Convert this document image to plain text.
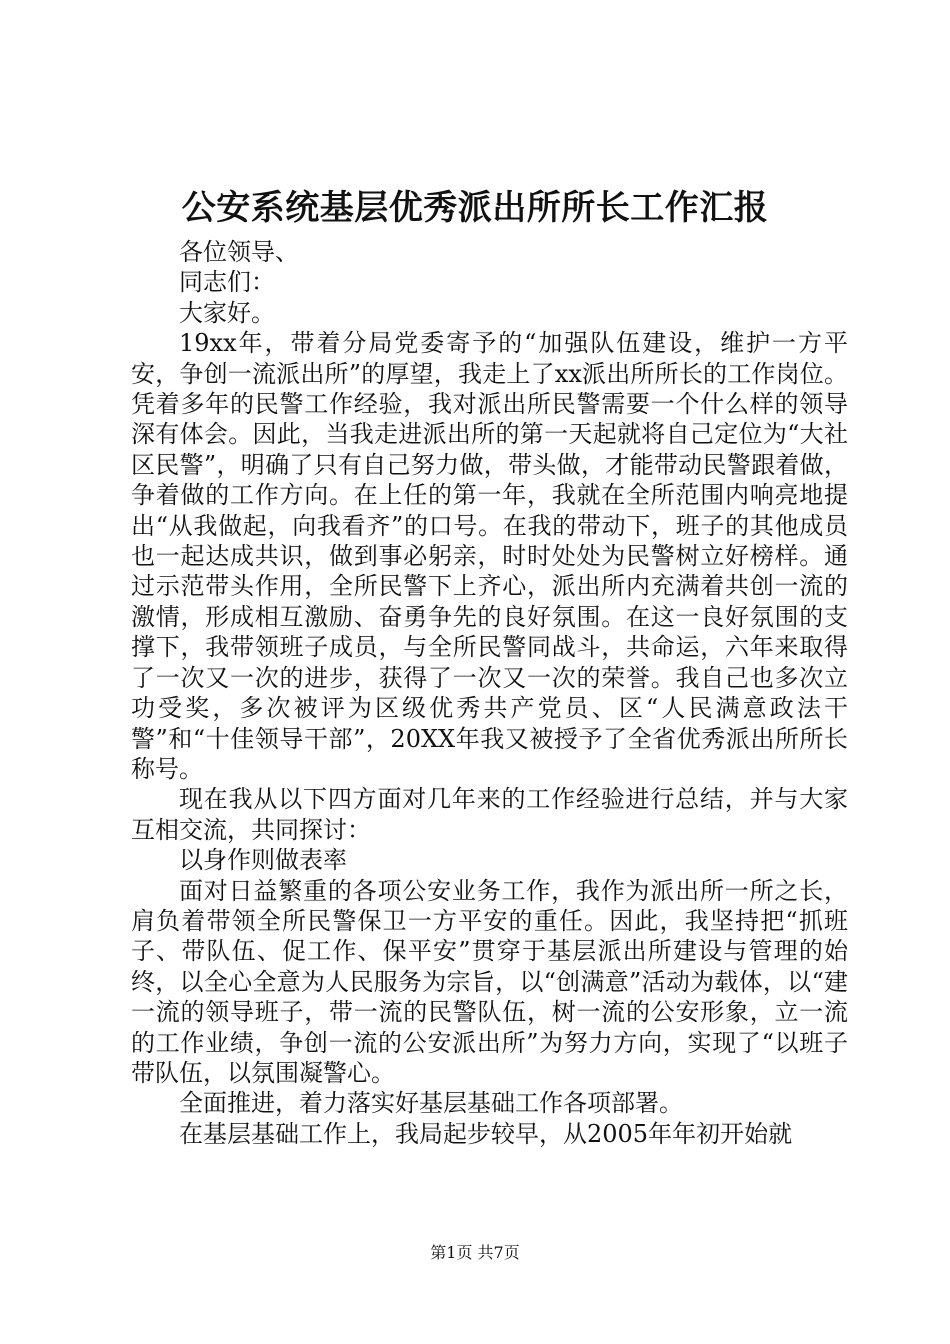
公安系统基层优秀派出所所长工作汇报

各位领导、

同志们：

大家好。

19xx年，带着分局党委寄予的“加强队伍建设，维护一方平安，争创一流派出所”的厚望，我走上了xx派出所所长的工作岗位。凭着多年的民警工作经验，我对派出所民警需要一个什么样的领导深有体会。因此，当我走进派出所的第一天起就将自己定位为“大社区民警”，明确了只有自己努力做，带头做，才能带动民警跟着做，争着做的工作方向。在上任的第一年，我就在全所范围内响亮地提出“从我做起，向我看齐”的口号。在我的带动下，班子的其他成员也一起达成共识，做到事必躬亲，时时处处为民警树立好榜样。通过示范带头作用，全所民警下上齐心，派出所内充满着共创一流的激情，形成相互激励、奋勇争先的良好氛围。在这一良好氛围的支撑下，我带领班子成员，与全所民警同战斗，共命运，六年来取得了一次又一次的进步，获得了一次又一次的荣誉。我自己也多次立功受奖，多次被评为区级优秀共产党员、区“人民满意政法干警”和“十佳领导干部”，20XX年我又被授予了全省优秀派出所所长称号。

现在我从以下四方面对几年来的工作经验进行总结，并与大家互相交流，共同探讨：

以身作则做表率

面对日益繁重的各项公安业务工作，我作为派出所一所之长，肩负着带领全所民警保卫一方平安的重任。因此，我坚持把“抓班子、带队伍、促工作、保平安”贯穿于基层派出所建设与管理的始终，以全心全意为人民服务为宗旨，以“创满意”活动为载体，以“建一流的领导班子，带一流的民警队伍，树一流的公安形象，立一流的工作业绩，争创一流的公安派出所”为努力方向，实现了“以班子带队伍，以氛围凝警心。

全面推进，着力落实好基层基础工作各项部署。

在基层基础工作上，我局起步较早，从2005年年初开始就

第1页 共7页
